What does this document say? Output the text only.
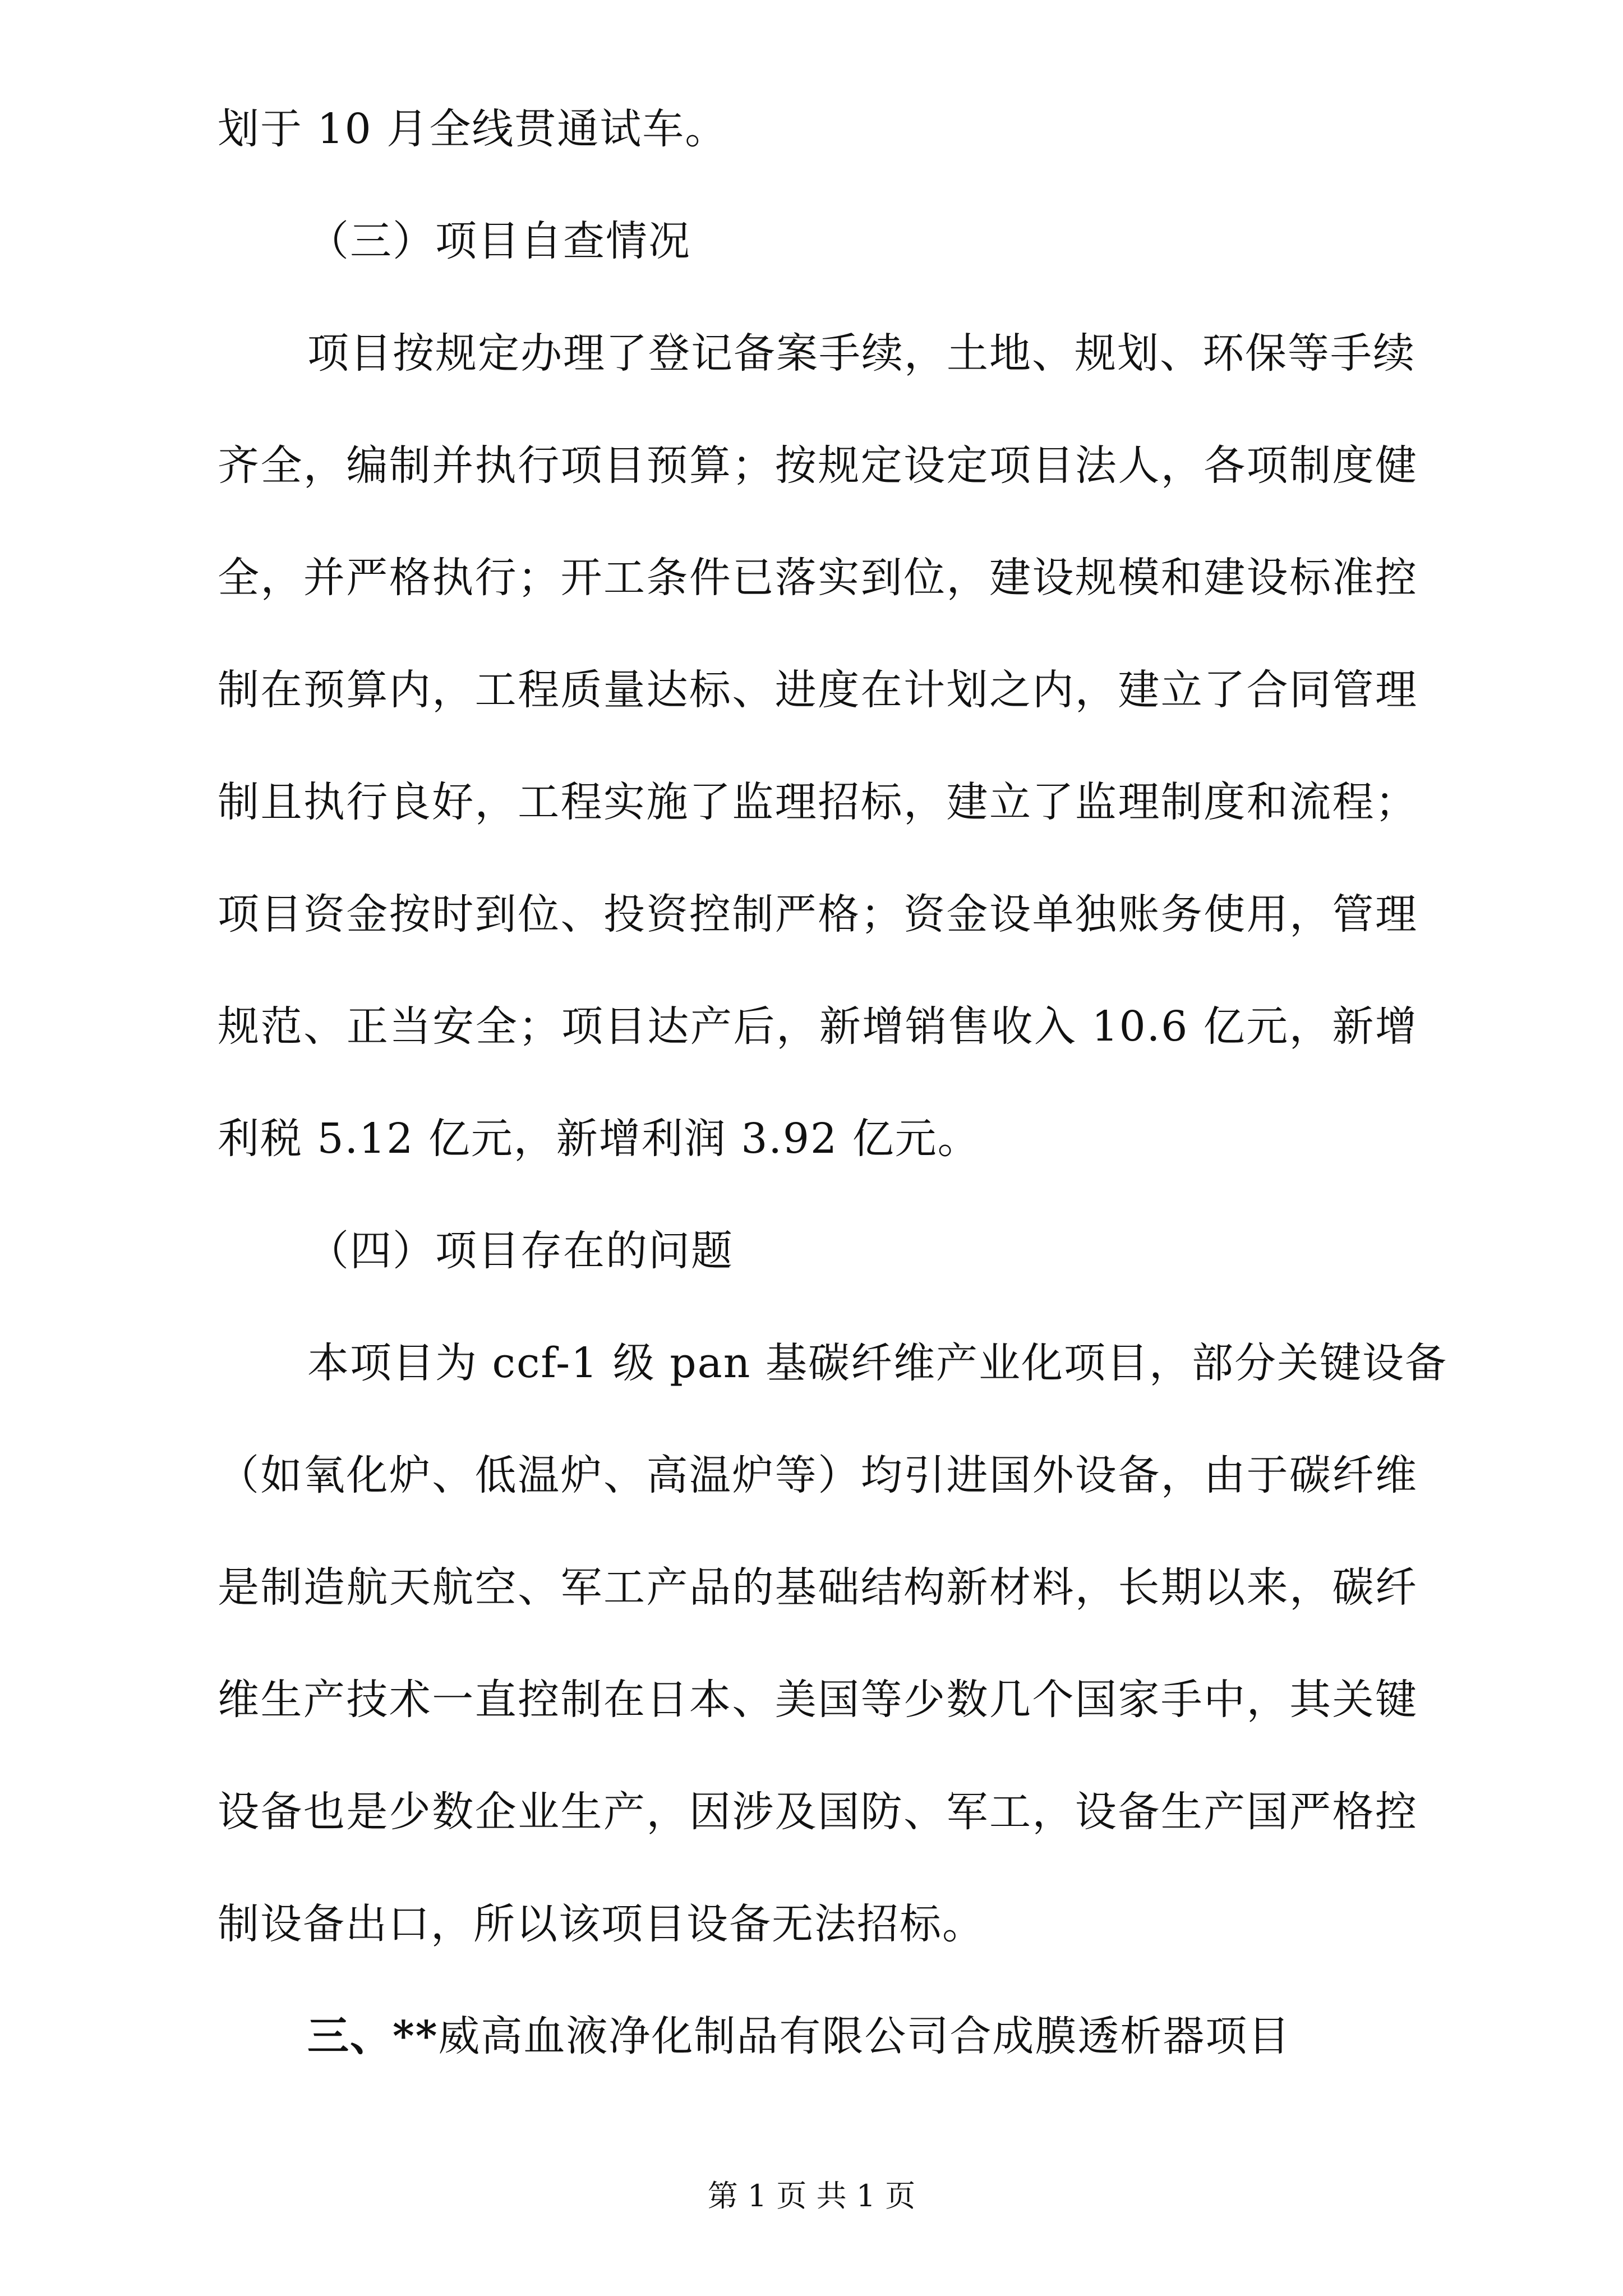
划于 10 月全线贯通试车。
（三）项目自查情况
项目按规定办理了登记备案手续，土地、规划、环保等手续
齐全，编制并执行项目预算；按规定设定项目法人，各项制度健
全，并严格执行；开工条件已落实到位，建设规模和建设标准控
制在预算内，工程质量达标、进度在计划之内，建立了合同管理
制且执行良好，工程实施了监理招标，建立了监理制度和流程；
项目资金按时到位、投资控制严格；资金设单独账务使用，管理
规范、正当安全；项目达产后，新增销售收入 10.6 亿元，新增
利税 5.12 亿元，新增利润 3.92 亿元。
（四）项目存在的问题
本项目为 ccf-1 级 pan 基碳纤维产业化项目，部分关键设备
（如氧化炉、低温炉、高温炉等）均引进国外设备，由于碳纤维
是制造航天航空、军工产品的基础结构新材料，长期以来，碳纤
维生产技术一直控制在日本、美国等少数几个国家手中，其关键
设备也是少数企业生产，因涉及国防、军工，设备生产国严格控
制设备出口，所以该项目设备无法招标。
三、**威高血液净化制品有限公司合成膜透析器项目
第 1 页 共 1 页
